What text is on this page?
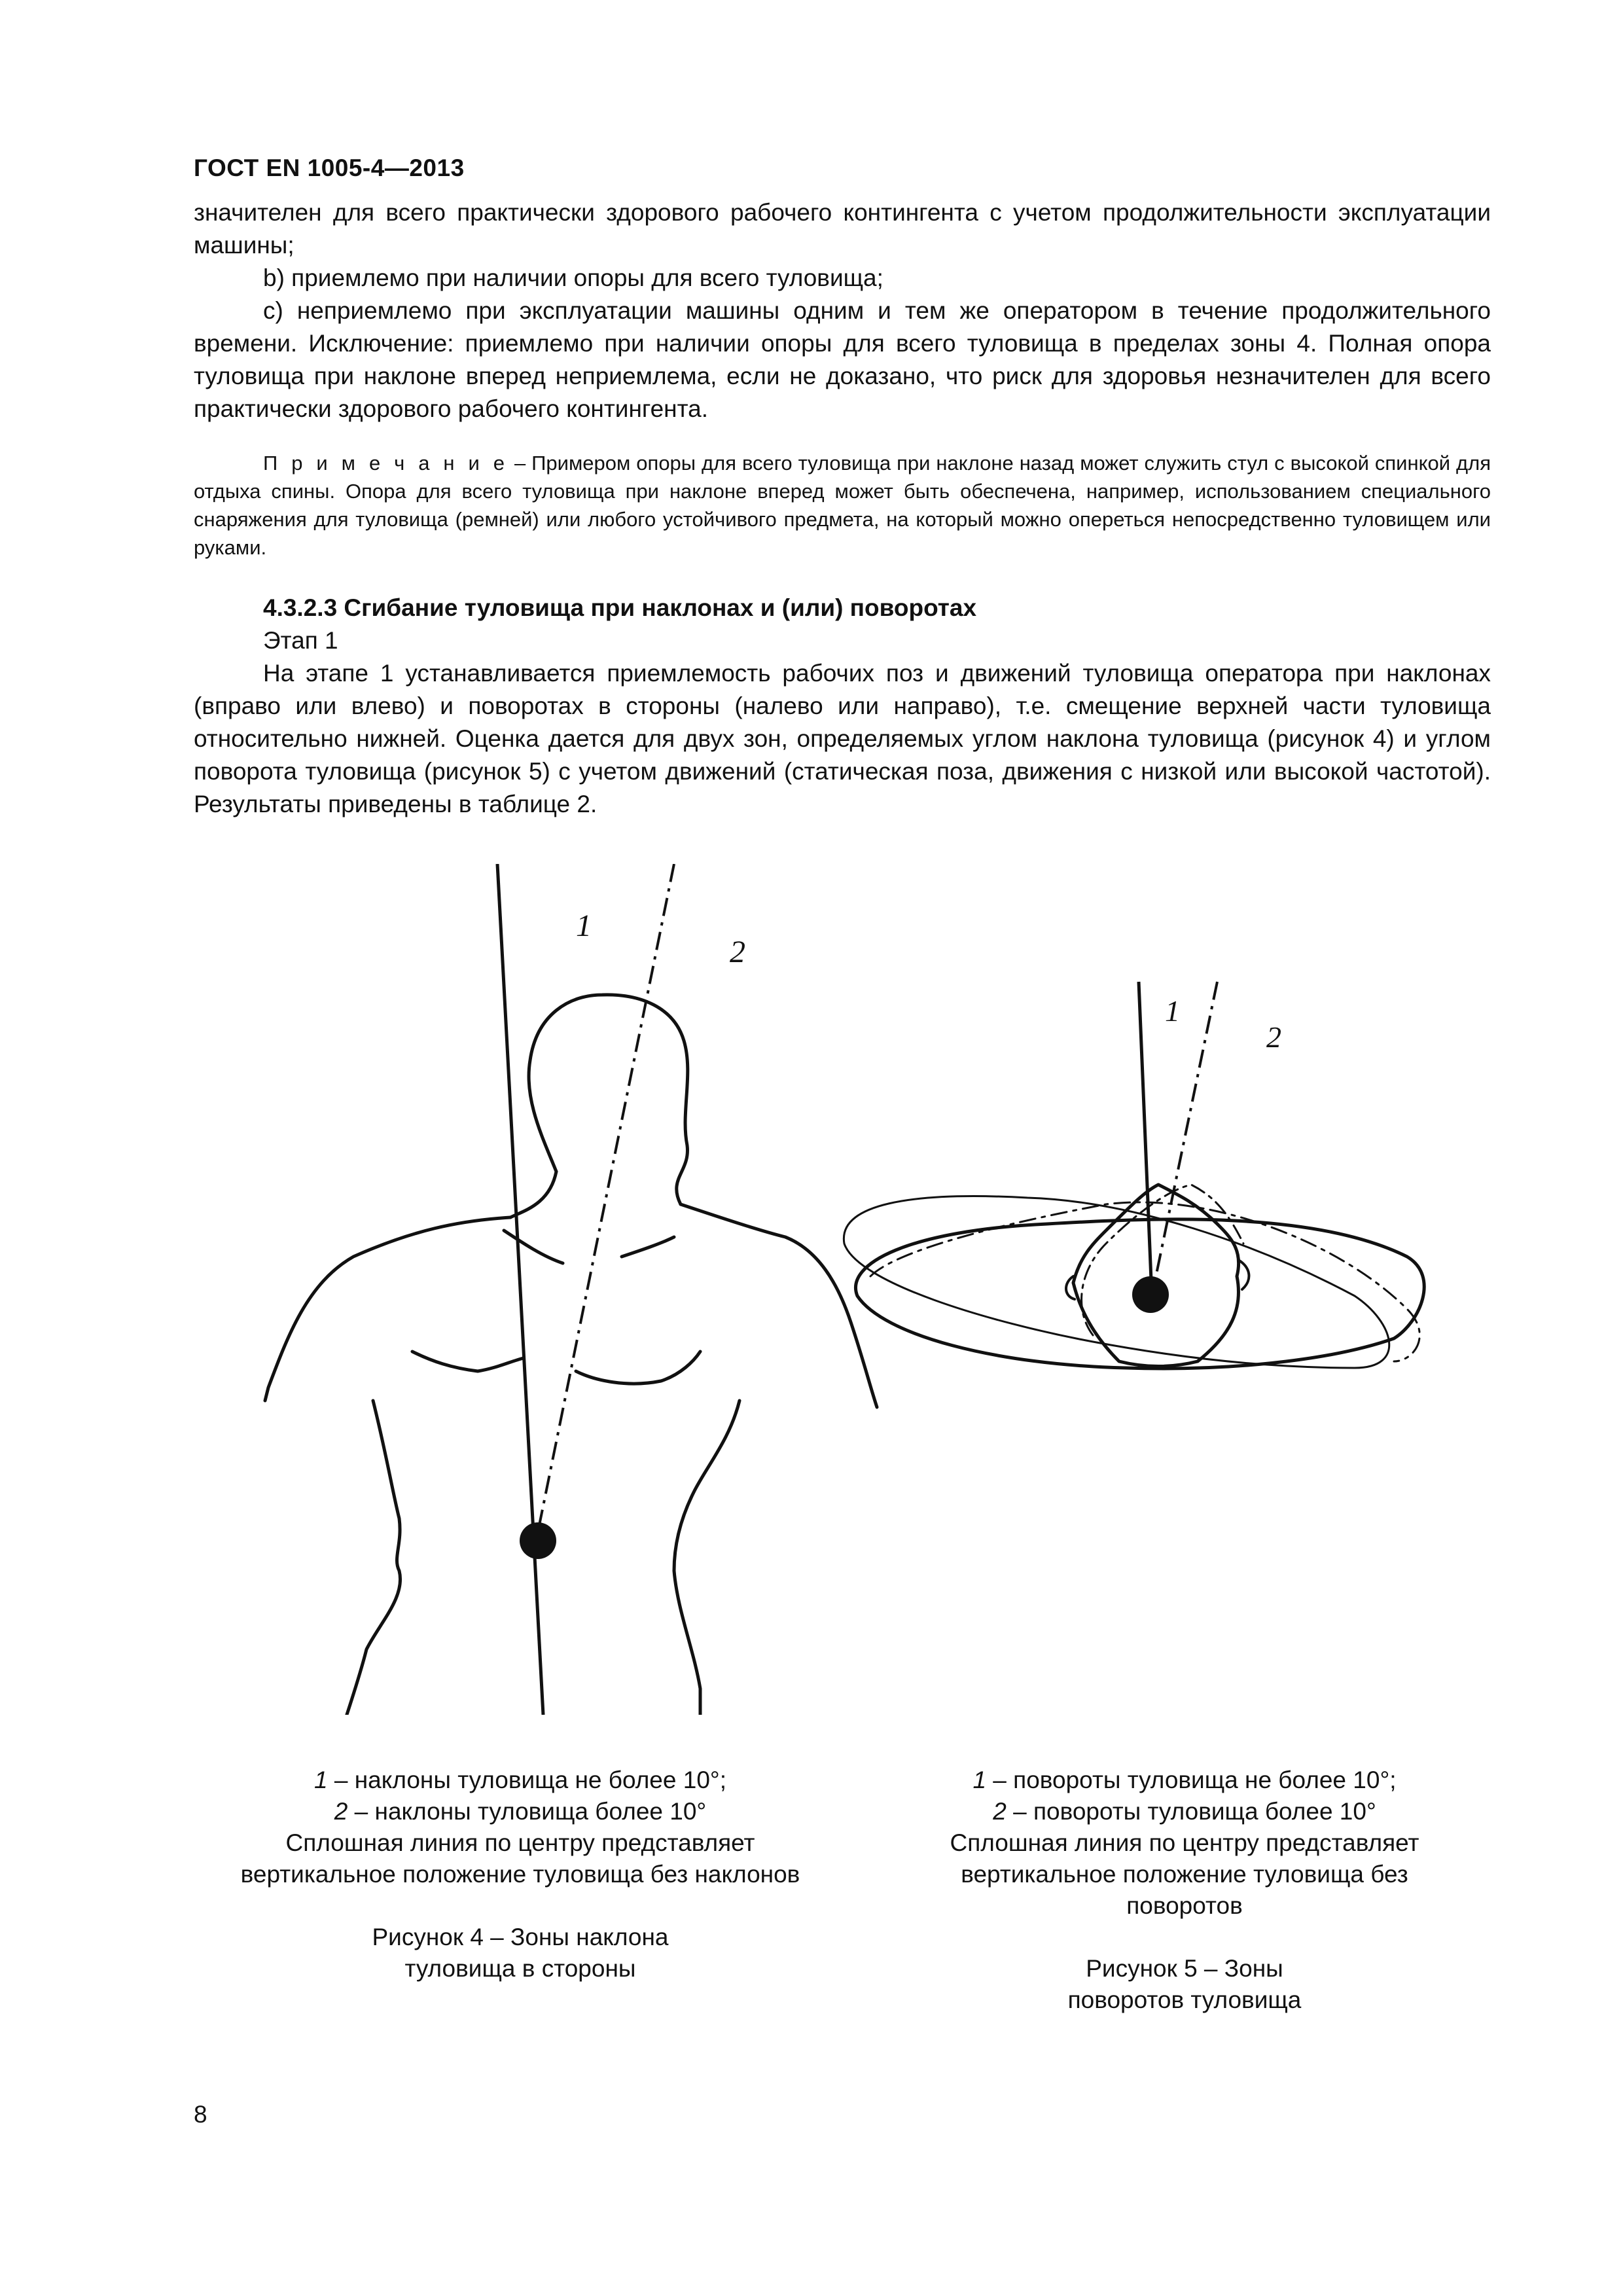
ГОСТ EN 1005-4—2013

значителен для всего практически здорового рабочего контингента с учетом продолжительности эксплуатации машины;

b) приемлемо при наличии опоры для всего туловища;

c) неприемлемо при эксплуатации машины одним и тем же оператором в течение продолжительного времени. Исключение: приемлемо при наличии опоры для всего туловища в пределах зоны 4. Полная опора туловища при наклоне вперед неприемлема, если не доказано, что риск для здоровья незначителен для всего практически здорового рабочего контингента.

П р и м е ч а н и е – Примером опоры для всего туловища при наклоне назад может служить стул с высокой спинкой для отдыха спины. Опора для всего туловища при наклоне вперед может быть обеспечена, например, использованием специального снаряжения для туловища (ремней) или любого устойчивого предмета, на который можно опереться непосредственно туловищем или руками.

4.3.2.3 Сгибание туловища при наклонах и (или) поворотах

Этап 1

На этапе 1 устанавливается приемлемость рабочих поз и движений туловища оператора при наклонах (вправо или влево) и поворотах в стороны (налево или направо), т.е. смещение верхней части туловища относительно нижней. Оценка дается для двух зон, определяемых углом наклона туловища (рисунок 4) и углом поворота туловища (рисунок 5) с учетом движений (статическая поза, движения с низкой или высокой частотой). Результаты приведены в таблице 2.

1
2
1
2

1 – наклоны туловища не более 10°;

2 – наклоны туловища более 10°

Сплошная линия по центру представляет вертикальное положение туловища без наклонов

Рисунок 4 – Зоны наклона туловища в стороны

1 – повороты туловища не более 10°;

2 – повороты туловища более 10°

Сплошная линия по центру представляет вертикальное положение туловища без поворотов

Рисунок 5 – Зоны поворотов туловища

8
